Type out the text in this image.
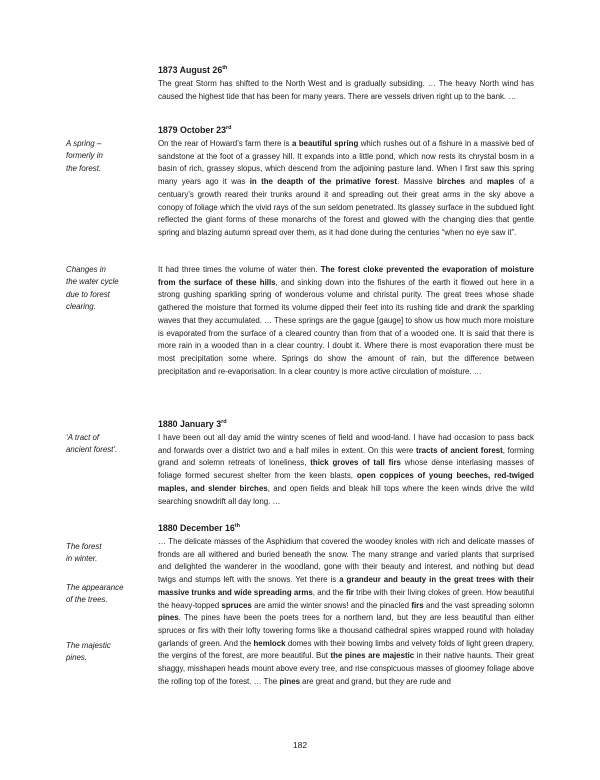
1873 August 26th

The great Storm has shifted to the North West and is gradually subsiding. … The heavy North wind has caused the highest tide that has been for many years. There are vessels driven right up to the bank. …

1879 October 23rd

On the rear of Howard’s farm there is a beautiful spring which rushes out of a fishure in a massive bed of sandstone at the foot of a grassey hill. It expands into a little pond, which now rests its chrystal bosm in a basin of rich, grassey slopus, which descend from the adjoining pasture land. When I first saw this spring many years ago it was in the deapth of the primative forest. Massive birches and maples of a centuary’s growth reared their trunks around it and spreading out their great arms in the sky above a conopy of foliage which the vivid rays of the sun seldom penetrated. Its glassey surface in the subdued light reflected the giant forms of these monarchs of the forest and glowed with the changing dies that gentle spring and blazing autumn spread over them, as it had done during the centuries “when no eye saw it”.

It had three times the volume of water then. The forest cloke prevented the evaporation of moisture from the surface of these hills, and sinking down into the fishures of the earth it flowed out here in a strong gushing sparkling spring of wonderous volume and christal purity. The great trees whose shade gathered the moisture that formed its volume dipped their feet into its rushing tide and drank the sparkling waves that they accumulated. … These springs are the gague [gauge] to show us how much more moisture is evaporated from the surface of a cleared country than from that of a wooded one. It is said that there is more rain in a wooded than in a clear country. I doubt it. Where there is most evaporation there must be most precipitation some where. Springs do show the amount of rain, but the difference between precipitation and re-evaporisation. In a clear country is more active circulation of moisture. …

1880 January 3rd

I have been out all day amid the wintry scenes of field and wood-land. I have had occasion to pass back and forwards over a district two and a half miles in extent. On this were tracts of ancient forest, forming grand and solemn retreats of loneliness, thick groves of tall firs whose dense interlasing masses of foliage formed securest shelter from the keen blasts, open coppices of young beeches, red-twiged maples, and slender birches, and open fields and bleak hill tops where the keen winds drive the wild searching snowdrift all day long. …

1880 December 16th

… The delicate masses of the Asphidium that covered the woodey knoles with rich and delicate masses of fronds are all withered and buried beneath the snow. The many strange and varied plants that surprised and delighted the wanderer in the woodland, gone with their beauty and interest, and nothing but dead twigs and stumps left with the snows. Yet there is a grandeur and beauty in the great trees with their massive trunks and wide spreading arms, and the fir tribe with their living clokes of green. How beautiful the heavy-topped spruces are amid the winter snows! and the pinacled firs and the vast spreading solomn pines. The pines have been the poets trees for a northern land, but they are less beautiful than either spruces or firs with their lofty towering forms like a thousand cathedral spires wrapped round with holaday garlands of green. And the hemlock domes with their bowing limbs and velvety folds of light green drapery, the vergins of the forest, are more beautiful. But the pines are majestic in their native haunts. Their great shaggy, misshapen heads mount above every tree, and rise conspicuous masses of gloomey foliage above the rolling top of the forest. … The pines are great and grand, but they are rude and

A spring –
formerly in
the forest.

Changes in
the water cycle
due to forest
clearing.

‘A tract of
ancient forest’.

The forest
in winter.

The appearance
of the trees.

The majestic
pines.

182
